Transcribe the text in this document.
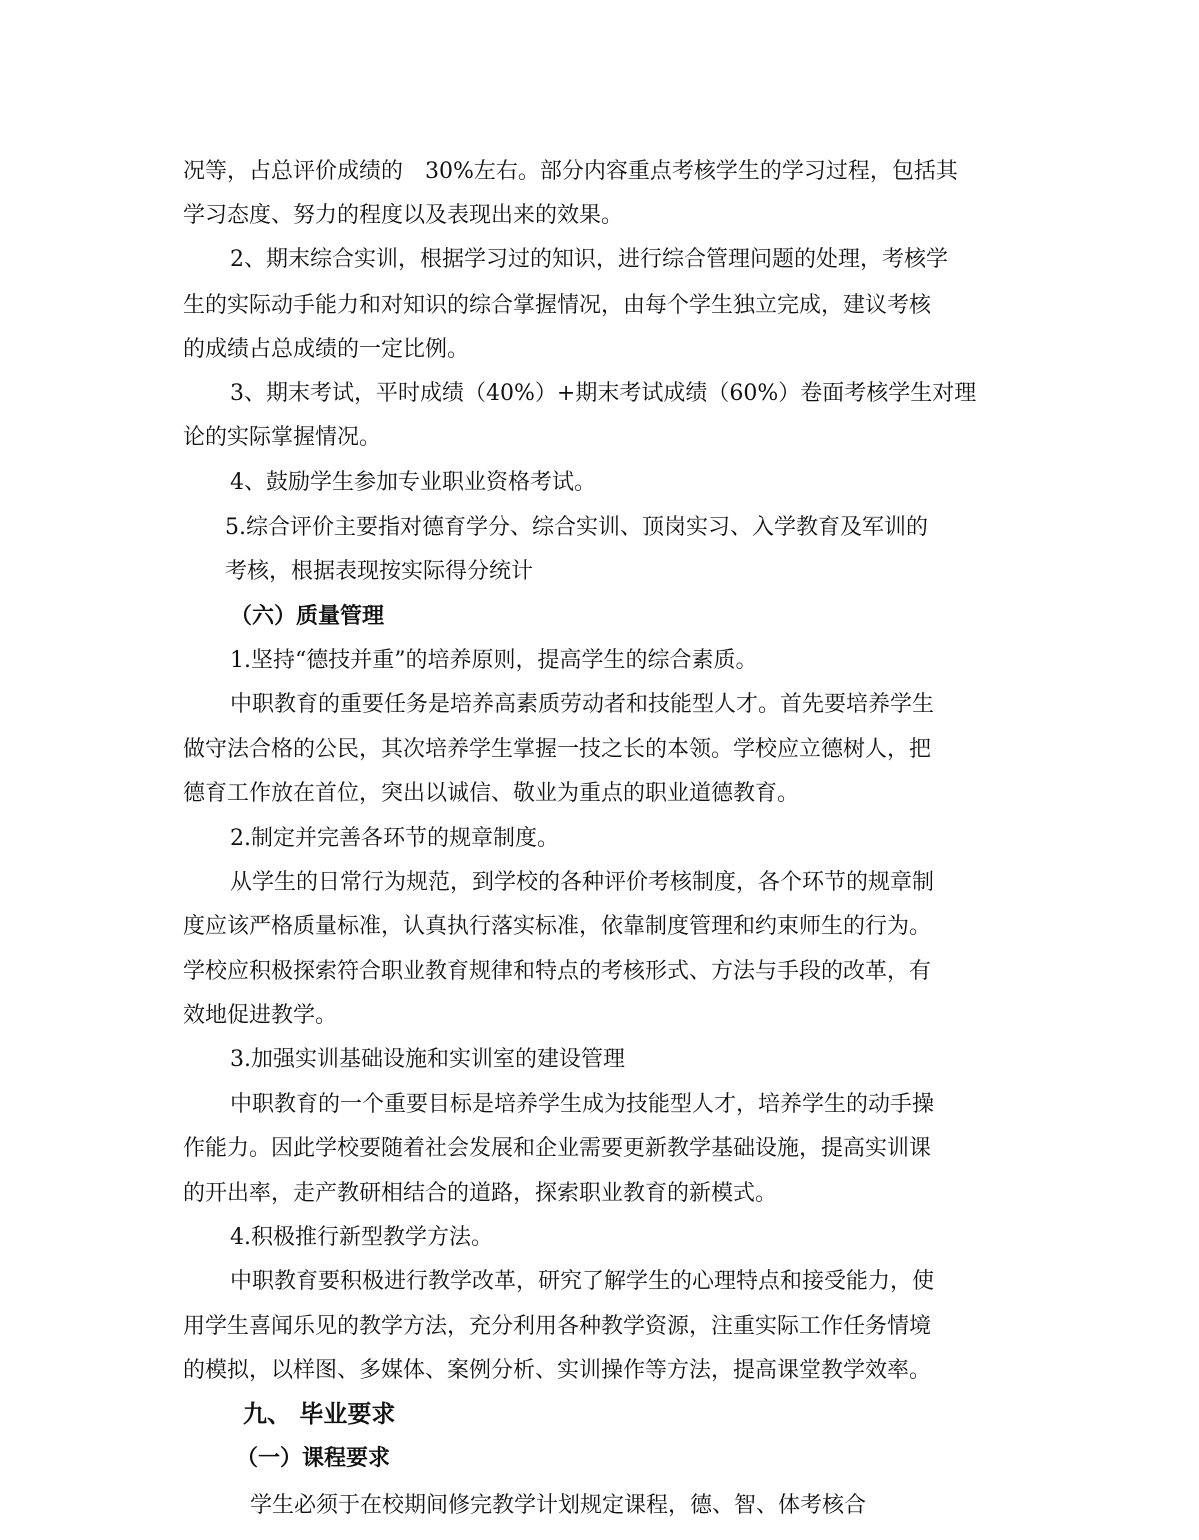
况等，占总评价成绩的　30%左右。部分内容重点考核学生的学习过程，包括其

学习态度、努力的程度以及表现出来的效果。

2、期末综合实训，根据学习过的知识，进行综合管理问题的处理，考核学

生的实际动手能力和对知识的综合掌握情况，由每个学生独立完成，建议考核

的成绩占总成绩的一定比例。

3、期末考试，平时成绩（40%）+期末考试成绩（60%）卷面考核学生对理

论的实际掌握情况。

4、鼓励学生参加专业职业资格考试。

5.综合评价主要指对德育学分、综合实训、顶岗实习、入学教育及军训的

考核，根据表现按实际得分统计

（六）质量管理

1.坚持“德技并重”的培养原则，提高学生的综合素质。

中职教育的重要任务是培养高素质劳动者和技能型人才。首先要培养学生

做守法合格的公民，其次培养学生掌握一技之长的本领。学校应立德树人，把

德育工作放在首位，突出以诚信、敬业为重点的职业道德教育。

2.制定并完善各环节的规章制度。

从学生的日常行为规范，到学校的各种评价考核制度，各个环节的规章制

度应该严格质量标准，认真执行落实标准，依靠制度管理和约束师生的行为。

学校应积极探索符合职业教育规律和特点的考核形式、方法与手段的改革，有

效地促进教学。

3.加强实训基础设施和实训室的建设管理

中职教育的一个重要目标是培养学生成为技能型人才，培养学生的动手操

作能力。因此学校要随着社会发展和企业需要更新教学基础设施，提高实训课

的开出率，走产教研相结合的道路，探索职业教育的新模式。

4.积极推行新型教学方法。

中职教育要积极进行教学改革，研究了解学生的心理特点和接受能力，使

用学生喜闻乐见的教学方法，充分利用各种教学资源，注重实际工作任务情境

的模拟，以样图、多媒体、案例分析、实训操作等方法，提高课堂教学效率。

九、 毕业要求

（一）课程要求

学生必须于在校期间修完教学计划规定课程，德、智、体考核合
